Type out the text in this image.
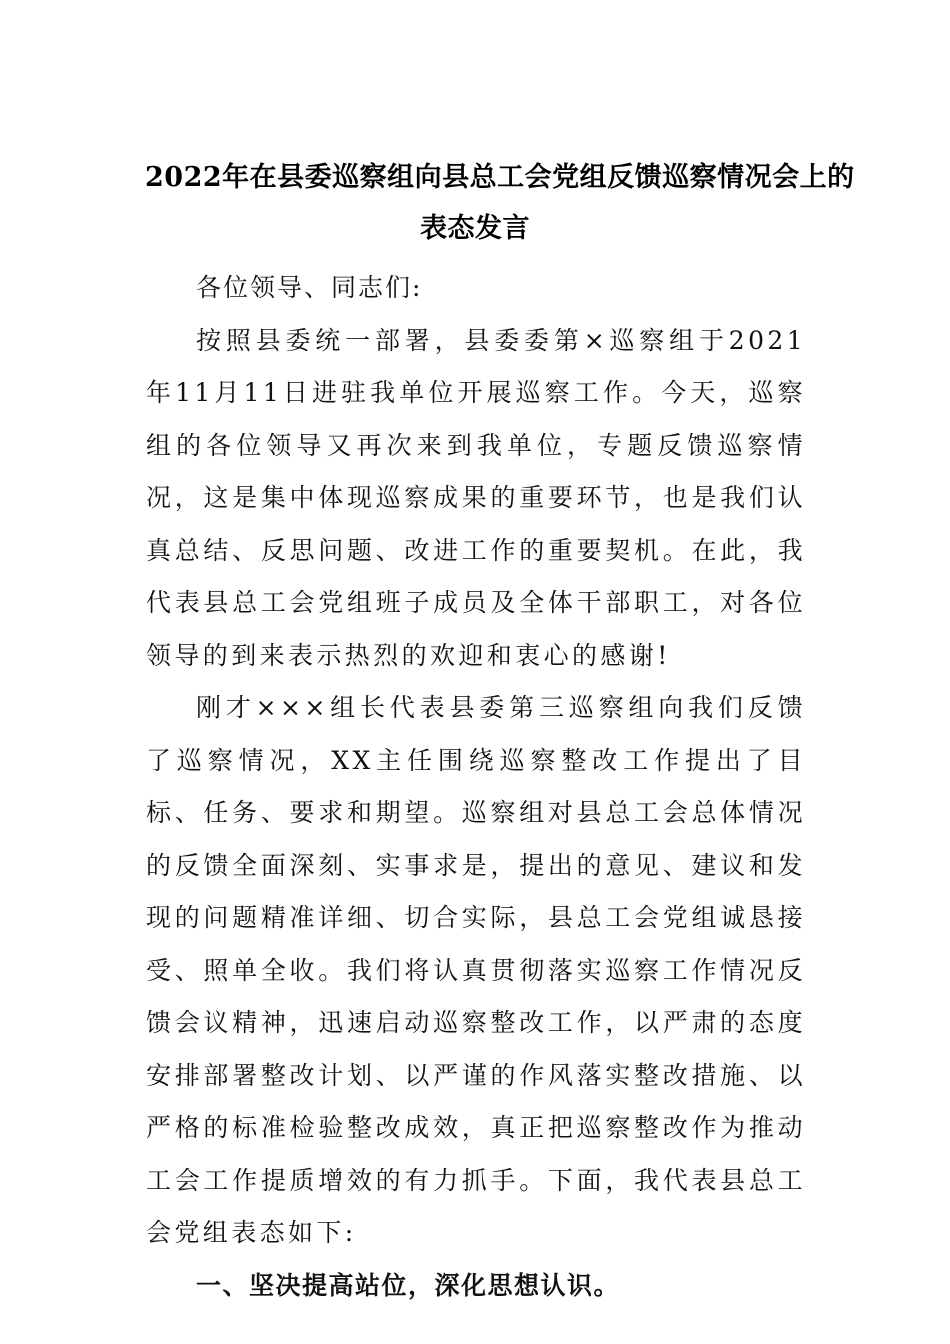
2022年在县委巡察组向县总工会党组反馈巡察情况会上的
表态发言

各位领导、同志们:

按照县委统一部署，县委委第×巡察组于2021年11月11日进驻我单位开展巡察工作。今天，巡察组的各位领导又再次来到我单位，专题反馈巡察情况，这是集中体现巡察成果的重要环节，也是我们认真总结、反思问题、改进工作的重要契机。在此，我代表县总工会党组班子成员及全体干部职工，对各位领导的到来表示热烈的欢迎和衷心的感谢!

刚才×××组长代表县委第三巡察组向我们反馈了巡察情况，XX主任围绕巡察整改工作提出了目标、任务、要求和期望。巡察组对县总工会总体情况的反馈全面深刻、实事求是，提出的意见、建议和发现的问题精准详细、切合实际，县总工会党组诚恳接受、照单全收。我们将认真贯彻落实巡察工作情况反馈会议精神，迅速启动巡察整改工作，以严肃的态度安排部署整改计划、以严谨的作风落实整改措施、以严格的标准检验整改成效，真正把巡察整改作为推动工会工作提质增效的有力抓手。下面，我代表县总工会党组表态如下:

一、坚决提高站位，深化思想认识。
